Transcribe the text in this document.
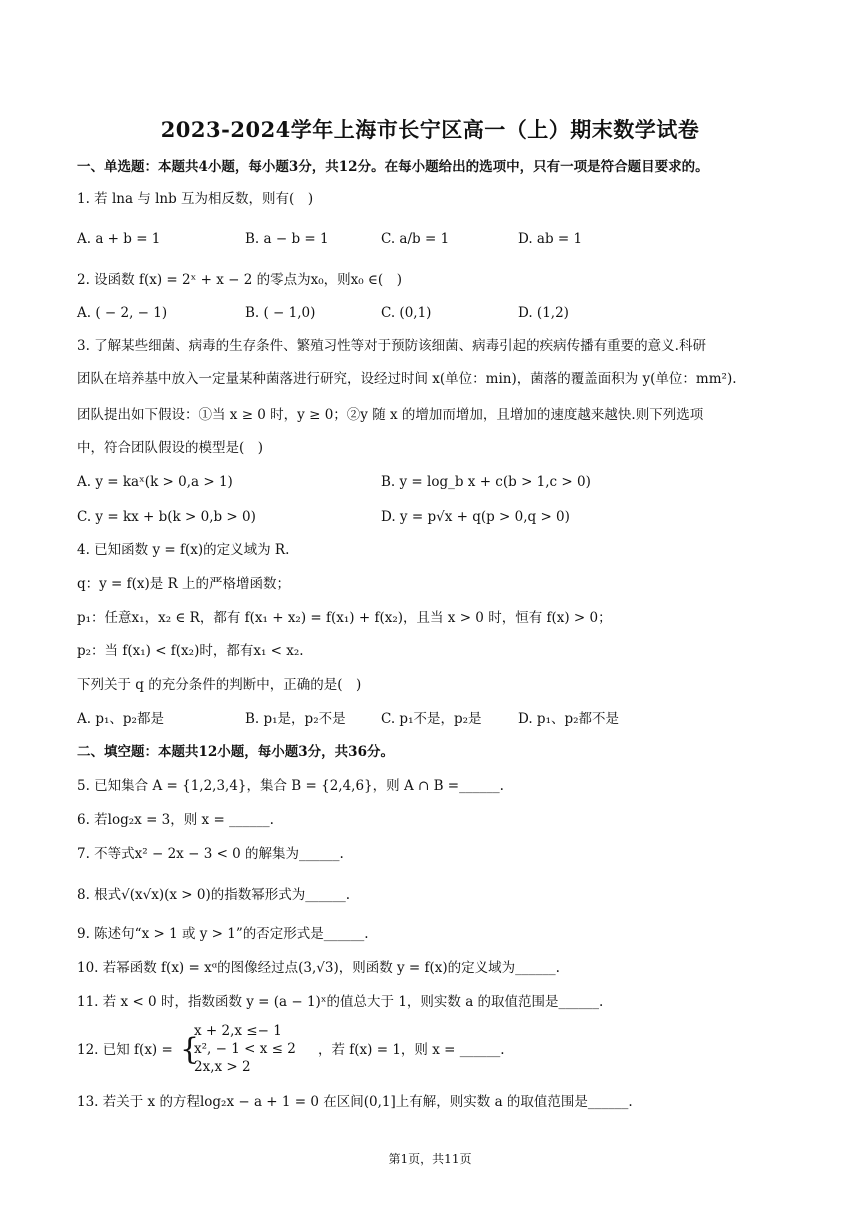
2023-2024学年上海市长宁区高一（上）期末数学试卷
一、单选题：本题共4小题，每小题3分，共12分。在每小题给出的选项中，只有一项是符合题目要求的。
1. 若 lna 与 lnb 互为相反数，则有(　)
A. a + b = 1	B. a − b = 1	C. a/b = 1	D. ab = 1
2. 设函数 f(x) = 2ˣ + x − 2 的零点为x₀，则x₀ ∈(　)
A. ( − 2, − 1)	B. ( − 1,0)	C. (0,1)	D. (1,2)
3. 了解某些细菌、病毒的生存条件、繁殖习性等对于预防该细菌、病毒引起的疾病传播有重要的意义.科研
团队在培养基中放入一定量某种菌落进行研究，设经过时间 x(单位：min)，菌落的覆盖面积为 y(单位：mm²).
团队提出如下假设：①当 x ≥ 0 时，y ≥ 0；②y 随 x 的增加而增加，且增加的速度越来越快.则下列选项
中，符合团队假设的模型是(　)
A. y = kaˣ(k > 0,a > 1)	B. y = log_b x + c(b > 1,c > 0)
C. y = kx + b(k > 0,b > 0)	D. y = p√x + q(p > 0,q > 0)
4. 已知函数 y = f(x)的定义域为 R.
q：y = f(x)是 R 上的严格增函数；
p₁：任意x₁，x₂ ∈ R，都有 f(x₁ + x₂) = f(x₁) + f(x₂)，且当 x > 0 时，恒有 f(x) > 0；
p₂：当 f(x₁) < f(x₂)时，都有x₁ < x₂.
下列关于 q 的充分条件的判断中，正确的是(　)
A. p₁、p₂都是	B. p₁是，p₂不是	C. p₁不是，p₂是	D. p₁、p₂都不是
二、填空题：本题共12小题，每小题3分，共36分。
5. 已知集合 A = {1,2,3,4}，集合 B = {2,4,6}，则 A ∩ B =______.
6. 若log₂x = 3，则 x = ______.
7. 不等式x² − 2x − 3 < 0 的解集为______.
8. 根式√(x√x)(x > 0)的指数幂形式为______.
9. 陈述句“x > 1 或 y > 1”的否定形式是______.
10. 若幂函数 f(x) = xᵅ的图像经过点(3,√3)，则函数 y = f(x)的定义域为______.
11. 若 x < 0 时，指数函数 y = (a − 1)ˣ的值总大于 1，则实数 a 的取值范围是______.
12. 已知 f(x) = {
x + 2,x ≤− 1
x², − 1 < x ≤ 2
2x,x > 2
，若 f(x) = 1，则 x = ______.
13. 若关于 x 的方程log₂x − a + 1 = 0 在区间(0,1]上有解，则实数 a 的取值范围是______.
第1页，共11页
